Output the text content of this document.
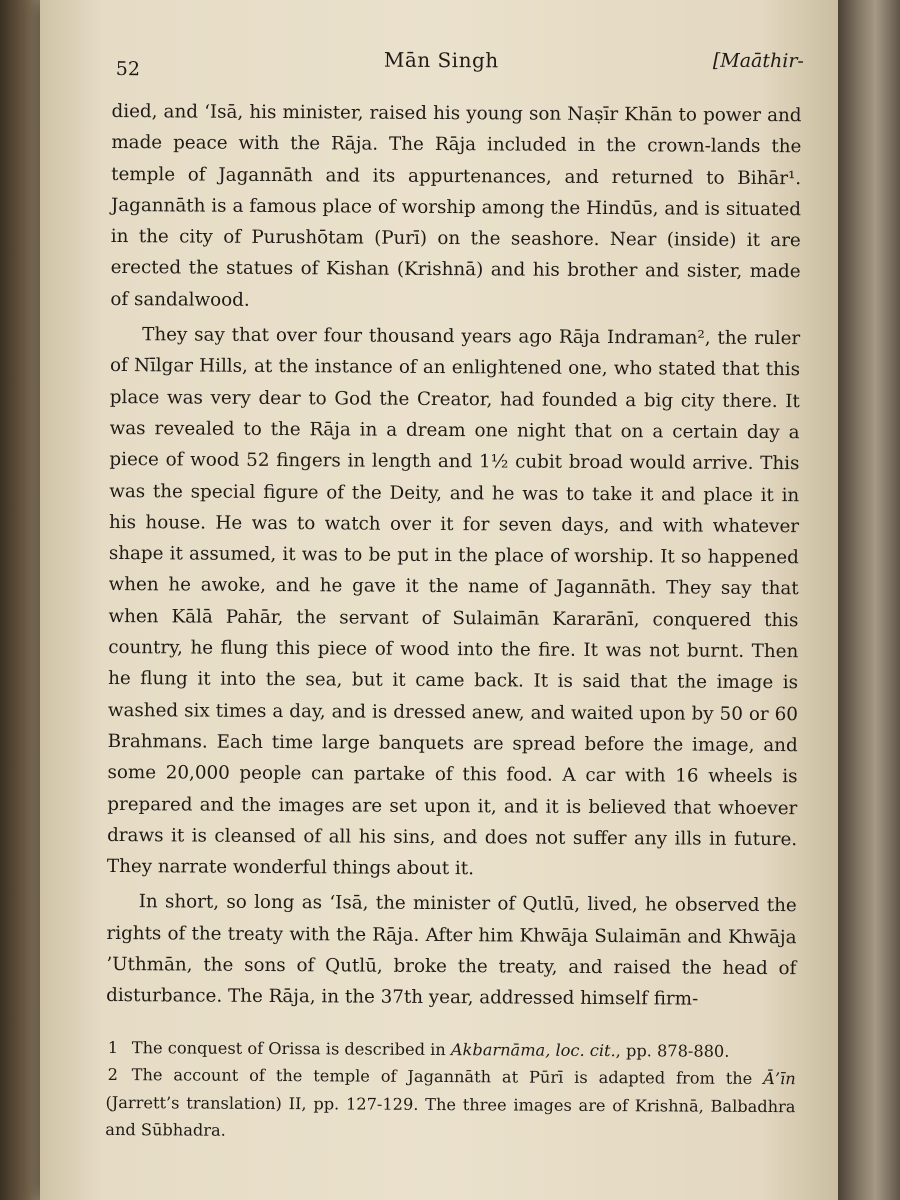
52	Mān Singh	[Maāthir-

died, and ‘Isā, his minister, raised his young son Naṣīr Khān to power and made peace with the Rāja. The Rāja included in the crown-lands the temple of Jagannāth and its appurtenances, and returned to Bihār¹. Jagannāth is a famous place of worship among the Hindūs, and is situated in the city of Purushōtam (Purī) on the seashore. Near (inside) it are erected the statues of Kishan (Krishnā) and his brother and sister, made of sandalwood.

They say that over four thousand years ago Rāja Indraman², the ruler of Nīlgar Hills, at the instance of an enlightened one, who stated that this place was very dear to God the Creator, had founded a big city there. It was revealed to the Rāja in a dream one night that on a certain day a piece of wood 52 fingers in length and 1½ cubit broad would arrive. This was the special figure of the Deity, and he was to take it and place it in his house. He was to watch over it for seven days, and with whatever shape it assumed, it was to be put in the place of worship. It so happened when he awoke, and he gave it the name of Jagannāth. They say that when Kālā Pahār, the servant of Sulaimān Kararānī, conquered this country, he flung this piece of wood into the fire. It was not burnt. Then he flung it into the sea, but it came back. It is said that the image is washed six times a day, and is dressed anew, and waited upon by 50 or 60 Brahmans. Each time large banquets are spread before the image, and some 20,000 people can partake of this food. A car with 16 wheels is prepared and the images are set upon it, and it is believed that whoever draws it is cleansed of all his sins, and does not suffer any ills in future. They narrate wonderful things about it.

In short, so long as ‘Isā, the minister of Qutlū, lived, he observed the rights of the treaty with the Rāja. After him Khwāja Sulaimān and Khwāja ’Uthmān, the sons of Qutlū, broke the treaty, and raised the head of disturbance. The Rāja, in the 37th year, addressed himself firm-

1 The conquest of Orissa is described in Akbarnāma, loc. cit., pp. 878-880.
2 The account of the temple of Jagannāth at Pūrī is adapted from the Ā’īn (Jarrett’s translation) II, pp. 127-129. The three images are of Krishnā, Balbadhra and Sūbhadra.
